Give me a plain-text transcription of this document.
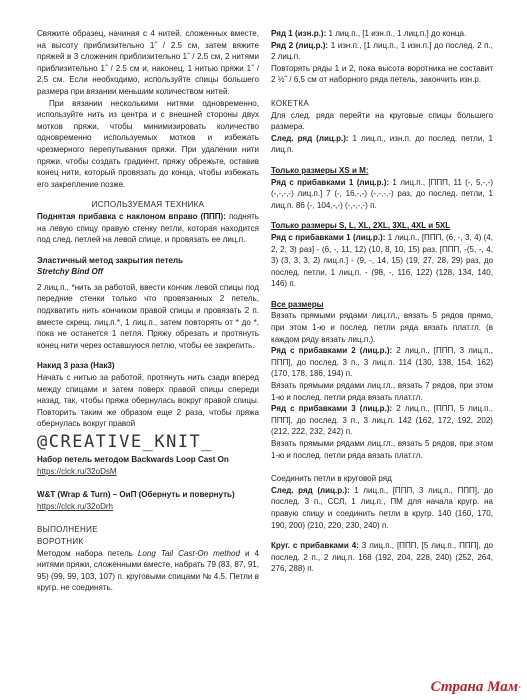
Свяжите образец, начиная с 4 нитей, сложенных вместе, на высоту приблизительно 1˝ / 2.5 см, затем вяжите пряжей в 3 сложения приблизительно 1˝ / 2.5 см, 2 нитями приблизительно 1˝ / 2.5 см и, наконец, 1 нитью пряжи 1˝ / 2.5 см. Если необходимо, используйте спицы большего размера при вязании меньшим количеством нитей.

При вязании несколькими нитями одновременно, используйте нить из центра и с внешней стороны двух мотков пряжи, чтобы минимизировать количество одновременно используемых мотков и избежать чрезмерного перепутывания пряжи. При удалении нити пряжи, чтобы создать градиент, пряжу обрежьте, оставив конец нити, который провязать до конца, чтобы избежать его закрепление позже.

ИСПОЛЬЗУЕМАЯ ТЕХНИКА

Поднятая прибавка с наклоном вправо (ППП): поднять на левую спицу правую стенку петли, которая находится под след. петлей на левой спице, и провязать ее лиц.п.

Эластичный метод закрытия петель

Stretchy Bind Off

2 лиц.п., *нить за работой, ввести кончик левой спицы под передние стенки только что провязанных 2 петель, подхватить нить кончиком правой спицы и провязать 2 п. вместе скрещ. лиц.п.*, 1 лиц.п., затем повторять от * до *, пока не останется 1 петля. Пряжу обрезать и протянуть конец нити через оставшуюся петлю, чтобы ее закрепить.

Накид 3 раза (Нак3)

Начать с нитью за работой, протянуть нить сзади вперед между спицами и затем поверх правой спицы спереди назад, так, чтобы пряжа обернулась вокруг правой спицы. Повторить таким же образом еще 2 раза, чтобы пряжа обернулась вокруг правой

@CREATIVE_KNIT_

Набор петель методом Backwards Loop Cast On

https://clck.ru/32oDsM

W&T (Wrap & Turn) – ОиП (Обернуть и повернуть)

https://clck.ru/32oDrh

ВЫПОЛНЕНИЕ

ВОРОТНИК

Методом набора петель Long Tail Cast-On method и 4 нитями пряжи, сложенными вместе, набрать 79 (83, 87, 91, 95) (99, 99, 103, 107) п. круговыми спицами № 4.5. Петли в кругр. не соединять.

Ряд 1 (изн.р.): 1 лиц.п., [1 изн.п., 1 лиц.п.] до конца.

Ряд 2 (лиц.р.): 1 изн.п., [1 лиц.п., 1 изн.п.] до послед. 2 п., 2 лиц.п.

Повторять ряды 1 и 2, пока высота воротника не составит 2 ½˝ / 6,5 см от наборного ряда петель, закончить изн.р.

КОКЕТКА

Для след. ряда перейти на круговые спицы большего размера.

След. ряд (лиц.р.): 1 лиц.п., изн.п. до послед. петли, 1 лиц.п.

Только размеры XS и M:

Ряд с прибавками 1 (лиц.р.): 1 лиц.п., [ППП, 11 (-, 5,-,-) (-,-,-,-) лиц.п.] 7 (-, 16,-,-) (-,-,-,-) раз, до послед. петли, 1 лиц.п. 86 (-, 104,-,-) (-,-,-,-) п.

Только размеры S, L, XL, 2XL, 3XL, 4XL и 5XL

Ряд с прибавками 1 (лиц.р.): 1 лиц.п., [ППП, (6, -, 3, 4) (4, 2, 2, 3) раз] - (6, -, 11, 12) (10, 8, 10, 15) раз, [ППП, -(5, -, 4, 3) (3, 3, 3, 2) лиц.п.] - (9, -, 14, 15) (19, 27, 28, 29) раз, до послед. петли, 1 лиц.п. - (98, -, 116, 122) (128, 134, 140, 146) п.

Все размеры

Вязать прямыми рядами лиц.гл., вязать 5 рядов прямо, при этом 1-ю и послед. петли ряда вязать плат.гл. (в каждом ряду вязать лиц.п.).

Ряд с прибавками 2 (лиц.р.): 2 лиц.п., [ППП, 3 лиц.п., ППП], до послед. 3 п., 3 лиц.п. 114 (130, 138, 154, 162) (170, 178, 186, 194) п.

Вязать прямыми рядами лиц.гл., вязать 7 рядов, при этом 1-ю и послед. петли ряда вязать плат.гл.

Ряд с прибавками 3 (лиц.р.): 2 лиц.п., [ППП, 5 лиц.п., ППП], до послед. 3 п., 3 лиц.п. 142 (162, 172, 192, 202) (212, 222, 232, 242) п.

Вязать прямыми рядами лиц.гл., вязать 5 рядов, при этом 1-ю и послед. петли ряда вязать плат.гл.

Соединить петли в круговой ряд

След. ряд (лиц.р.): 1 лиц.п., [ППП, 3 лиц.п., ППП], до послед. 3 п., ССЛ, 1 лиц.п., ПМ для начала кругр. на правую спицу и соединить петли в кругр. 140 (160, 170, 190, 200) (210, 220, 230, 240) п.

Круг. с прибавками 4: 3 лиц.п., [ППП, [5 лиц.п., ППП], до послед. 2 п., 2 лиц.п. 168 (192, 204, 228, 240) (252, 264, 276, 288) п.

Страна Мам·
